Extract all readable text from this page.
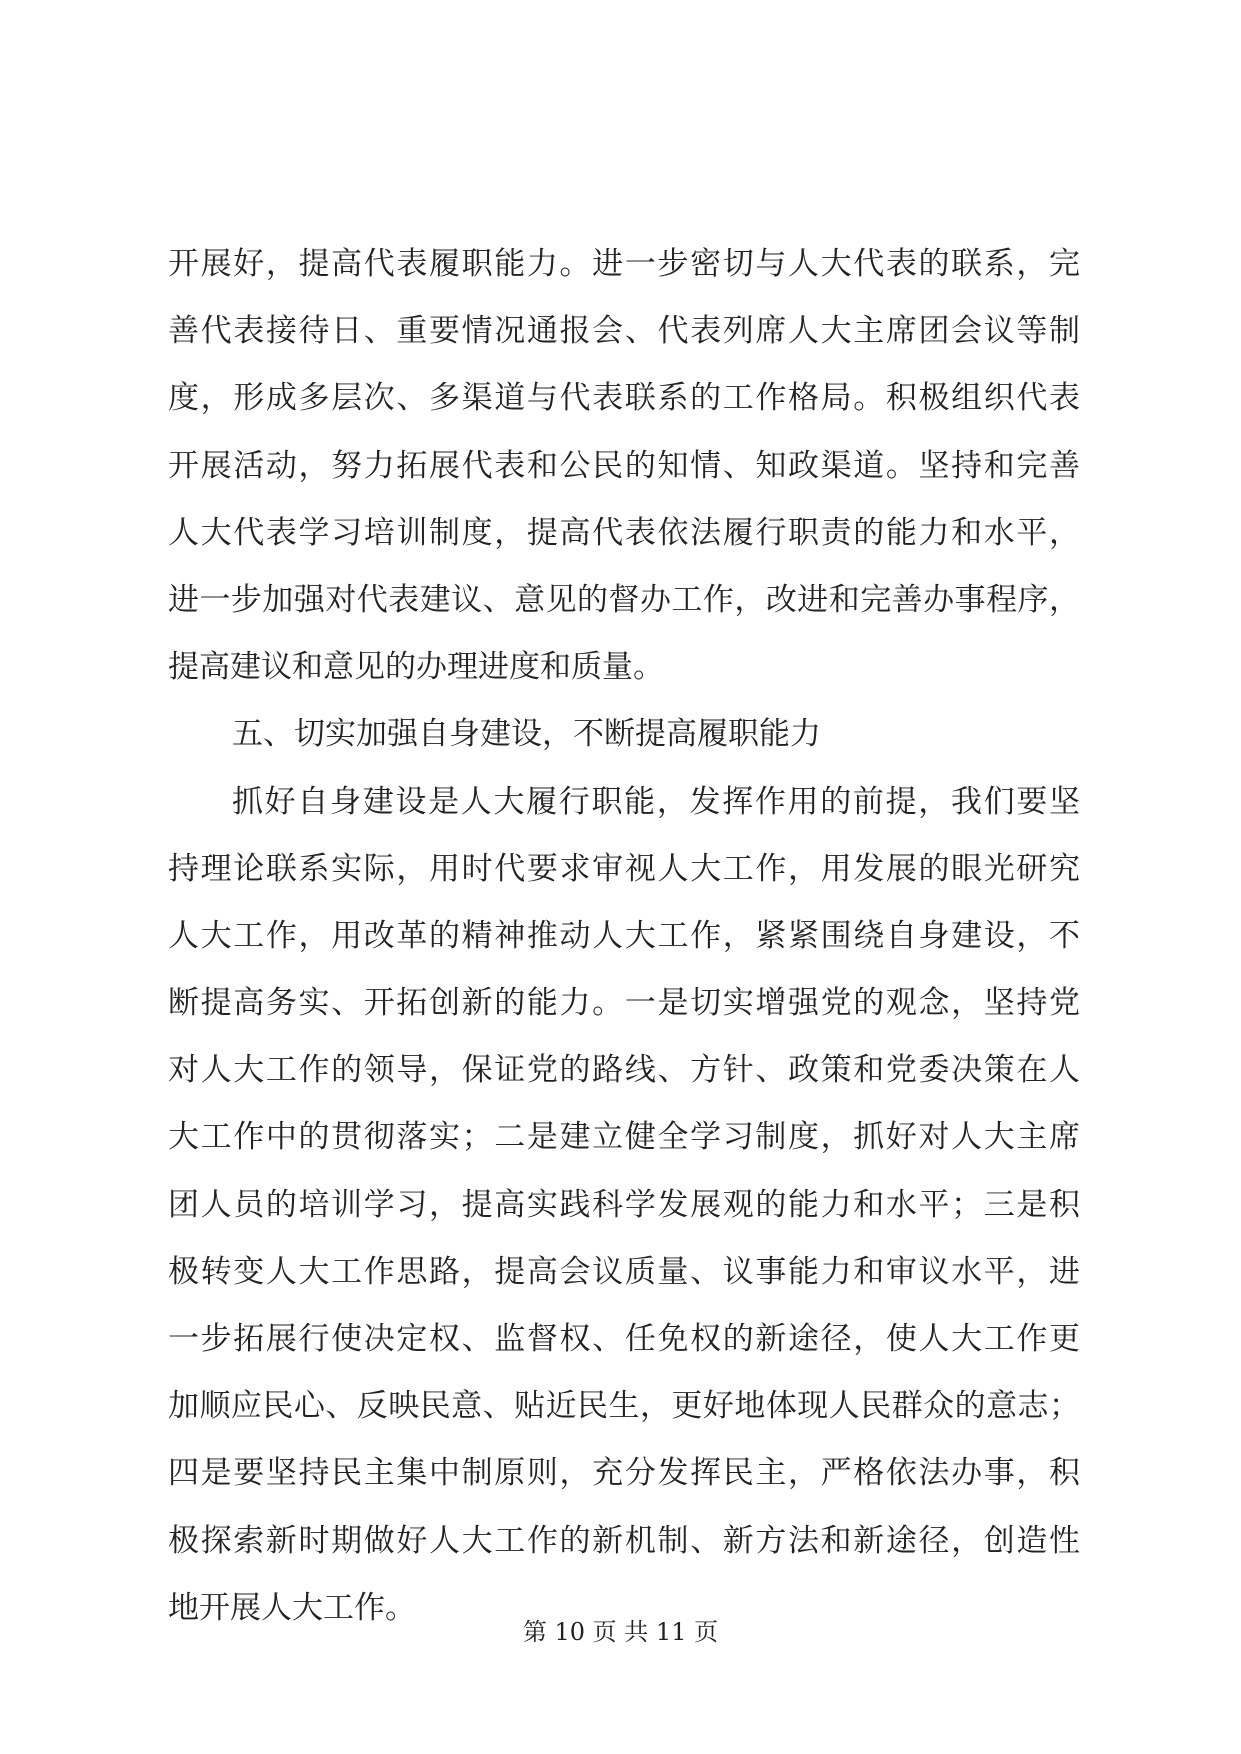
开展好，提高代表履职能力。进一步密切与人大代表的联系，完
善代表接待日、重要情况通报会、代表列席人大主席团会议等制
度，形成多层次、多渠道与代表联系的工作格局。积极组织代表
开展活动，努力拓展代表和公民的知情、知政渠道。坚持和完善
人大代表学习培训制度，提高代表依法履行职责的能力和水平，
进一步加强对代表建议、意见的督办工作，改进和完善办事程序，
提高建议和意见的办理进度和质量。
五、切实加强自身建设，不断提高履职能力
抓好自身建设是人大履行职能，发挥作用的前提，我们要坚
持理论联系实际，用时代要求审视人大工作，用发展的眼光研究
人大工作，用改革的精神推动人大工作，紧紧围绕自身建设，不
断提高务实、开拓创新的能力。一是切实增强党的观念，坚持党
对人大工作的领导，保证党的路线、方针、政策和党委决策在人
大工作中的贯彻落实；二是建立健全学习制度，抓好对人大主席
团人员的培训学习，提高实践科学发展观的能力和水平；三是积
极转变人大工作思路，提高会议质量、议事能力和审议水平，进
一步拓展行使决定权、监督权、任免权的新途径，使人大工作更
加顺应民心、反映民意、贴近民生，更好地体现人民群众的意志；
四是要坚持民主集中制原则，充分发挥民主，严格依法办事，积
极探索新时期做好人大工作的新机制、新方法和新途径，创造性
地开展人大工作。
第 10 页 共 11 页
